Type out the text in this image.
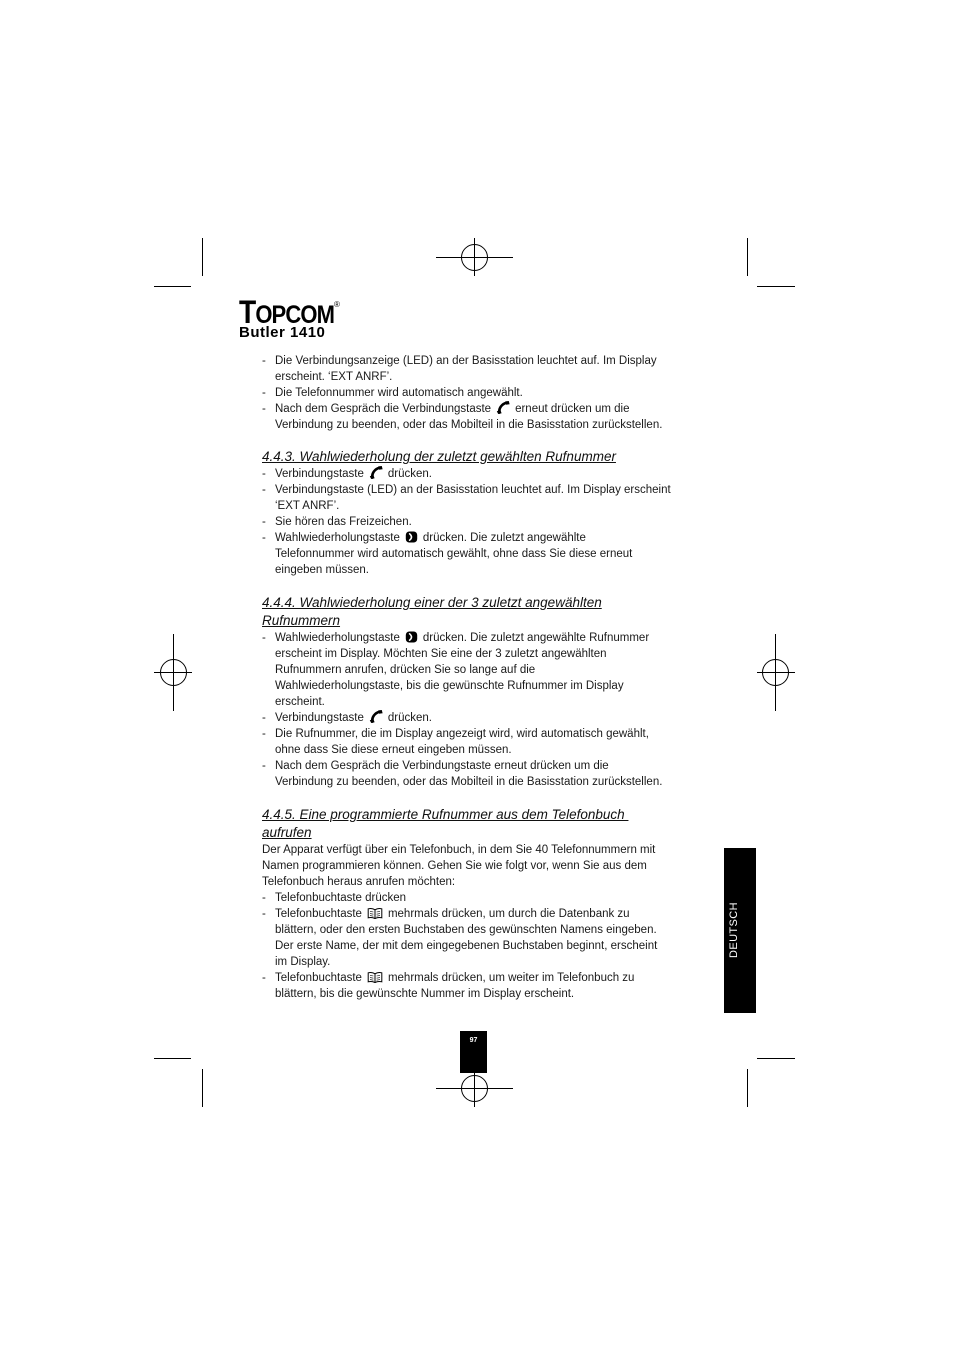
TOPCOM ®
Butler 1410
- Die Verbindungsanzeige (LED) an der Basisstation leuchtet auf. Im Display
erscheint. ‘EXT ANRF’.
- Die Telefonnummer wird automatisch angewählt.
- Nach dem Gespräch die Verbindungstaste erneut drücken um die
Verbindung zu beenden, oder das Mobilteil in die Basisstation zurückstellen.
4.4.3. Wahlwiederholung der zuletzt gewählten Rufnummer
- Verbindungstaste drücken.
- Verbindungstaste (LED) an der Basisstation leuchtet auf. Im Display erscheint
‘EXT ANRF’.
- Sie hören das Freizeichen.
- Wahlwiederholungstaste drücken. Die zuletzt angewählte
Telefonnummer wird automatisch gewählt, ohne dass Sie diese erneut
eingeben müssen.
4.4.4. Wahlwiederholung einer der 3 zuletzt angewählten
Rufnummern
- Wahlwiederholungstaste drücken. Die zuletzt angewählte Rufnummer
erscheint im Display. Möchten Sie eine der 3 zuletzt angewählten
Rufnummern anrufen, drücken Sie so lange auf die
Wahlwiederholungstaste, bis die gewünschte Rufnummer im Display
erscheint.
- Verbindungstaste drücken.
- Die Rufnummer, die im Display angezeigt wird, wird automatisch gewählt,
ohne dass Sie diese erneut eingeben müssen.
- Nach dem Gespräch die Verbindungstaste erneut drücken um die
Verbindung zu beenden, oder das Mobilteil in die Basisstation zurückstellen.
4.4.5. Eine programmierte Rufnummer aus dem Telefonbuch
aufrufen
Der Apparat verfügt über ein Telefonbuch, in dem Sie 40 Telefonnummern mit
Namen programmieren können. Gehen Sie wie folgt vor, wenn Sie aus dem
Telefonbuch heraus anrufen möchten:
- Telefonbuchtaste drücken
- Telefonbuchtaste mehrmals drücken, um durch die Datenbank zu
blättern, oder den ersten Buchstaben des gewünschten Namens eingeben.
Der erste Name, der mit dem eingegebenen Buchstaben beginnt, erscheint
im Display.
- Telefonbuchtaste mehrmals drücken, um weiter im Telefonbuch zu
blättern, bis die gewünschte Nummer im Display erscheint.
DEUTSCH
97
